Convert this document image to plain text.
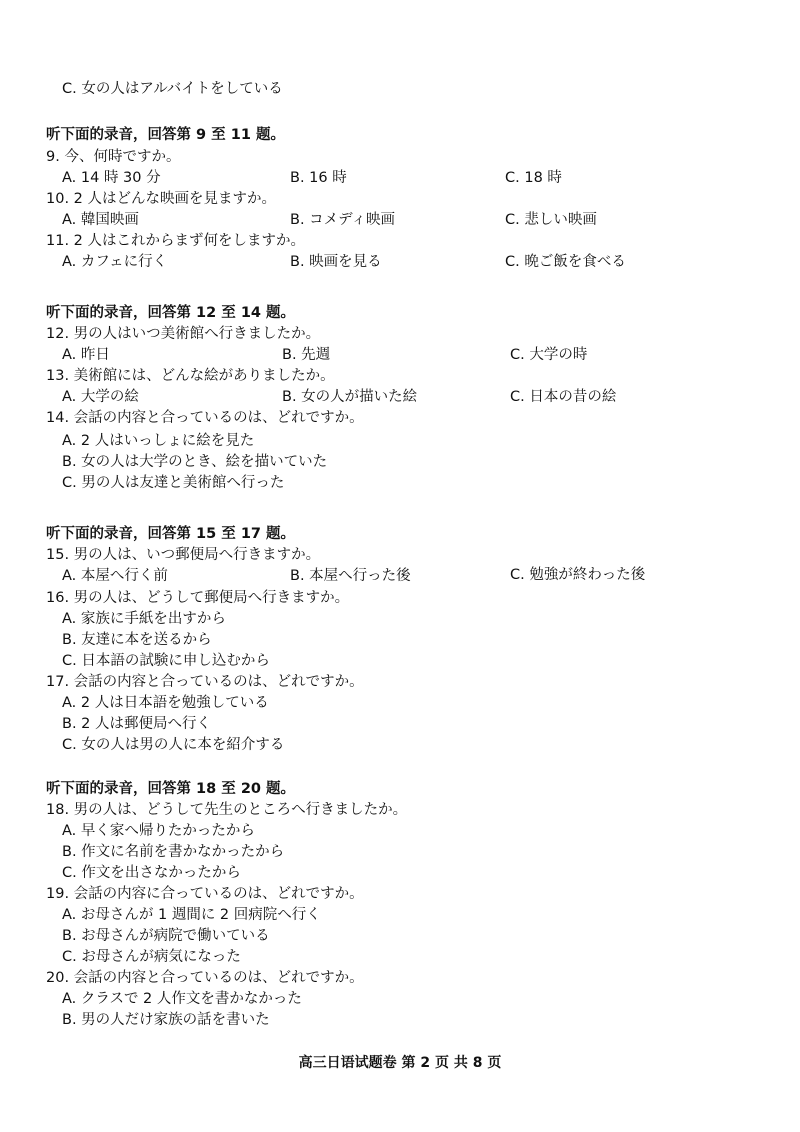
C. 女の人はアルバイトをしている
听下面的录音，回答第 9 至 11 题。
9. 今、何時ですか。
A. 14 時 30 分	B. 16 時	C. 18 時
10. 2 人はどんな映画を見ますか。
A. 韓国映画	B. コメディ映画	C. 悲しい映画
11. 2 人はこれからまず何をしますか。
A. カフェに行く	B. 映画を見る	C. 晩ご飯を食べる
听下面的录音，回答第 12 至 14 题。
12. 男の人はいつ美術館へ行きましたか。
A. 昨日	B. 先週	C. 大学の時
13. 美術館には、どんな絵がありましたか。
A. 大学の絵	B. 女の人が描いた絵	C. 日本の昔の絵
14. 会話の内容と合っているのは、どれですか。
A. 2 人はいっしょに絵を見た
B. 女の人は大学のとき、絵を描いていた
C. 男の人は友達と美術館へ行った
听下面的录音，回答第 15 至 17 题。
15. 男の人は、いつ郵便局へ行きますか。
A. 本屋へ行く前	B. 本屋へ行った後	C. 勉強が終わった後
16. 男の人は、どうして郵便局へ行きますか。
A. 家族に手紙を出すから
B. 友達に本を送るから
C. 日本語の試験に申し込むから
17. 会話の内容と合っているのは、どれですか。
A. 2 人は日本語を勉強している
B. 2 人は郵便局へ行く
C. 女の人は男の人に本を紹介する
听下面的录音，回答第 18 至 20 题。
18. 男の人は、どうして先生のところへ行きましたか。
A. 早く家へ帰りたかったから
B. 作文に名前を書かなかったから
C. 作文を出さなかったから
19. 会話の内容に合っているのは、どれですか。
A. お母さんが 1 週間に 2 回病院へ行く
B. お母さんが病院で働いている
C. お母さんが病気になった
20. 会話の内容と合っているのは、どれですか。
A. クラスで 2 人作文を書かなかった
B. 男の人だけ家族の話を書いた
高三日语试题卷 第 2 页 共 8 页
